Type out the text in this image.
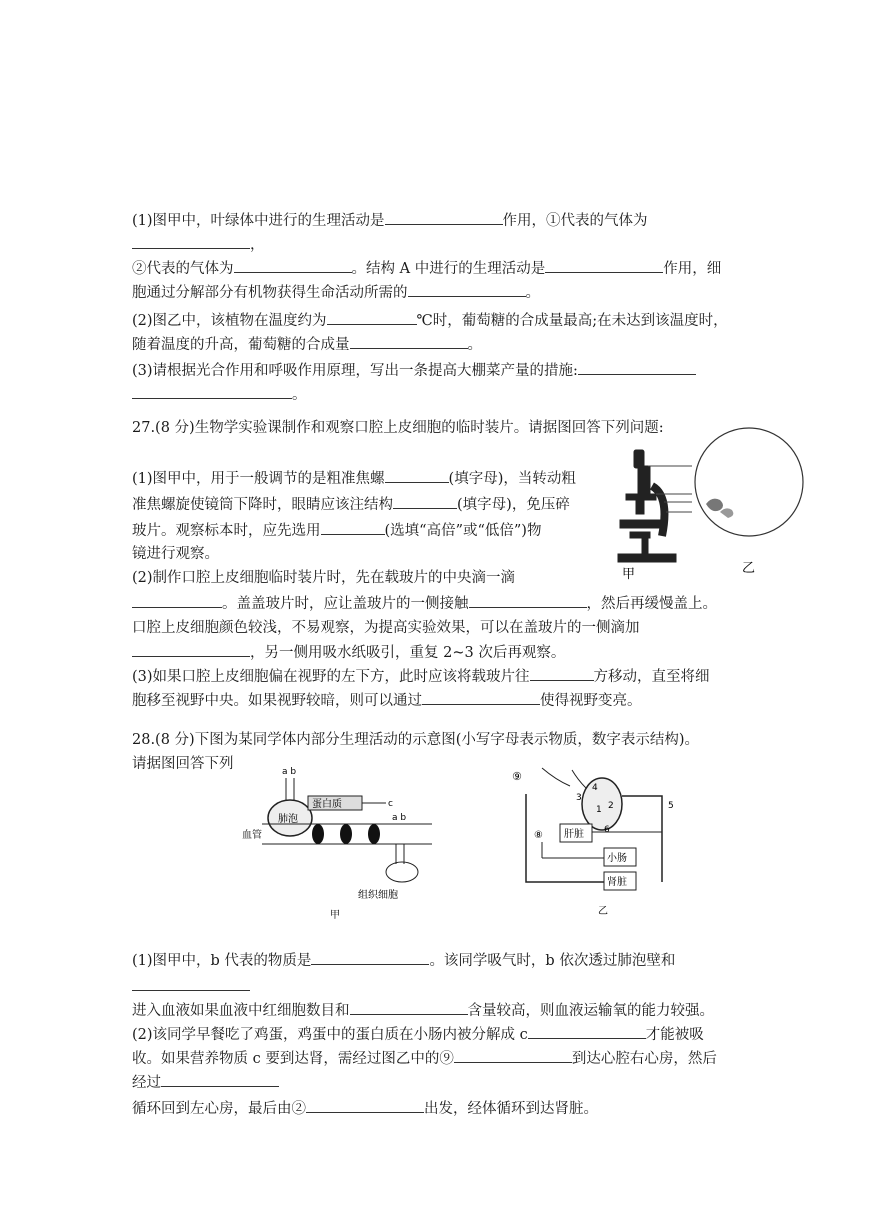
(1)图甲中，叶绿体中进行的生理活动是	作用，①代表的气体为
，
②代表的气体为	。结构 A 中进行的生理活动是	作用，细
胞通过分解部分有机物获得生命活动所需的	。
(2)图乙中，该植物在温度约为	℃时，葡萄糖的合成量最高;在未达到该温度时，
随着温度的升高，葡萄糖的合成量	。
(3)请根据光合作用和呼吸作用原理，写出一条提高大棚菜产量的措施:
。
27.(8 分)生物学实验课制作和观察口腔上皮细胞的临时装片。请据图回答下列问题:
(1)图甲中，用于一般调节的是粗准焦螺	(填字母)，当转动粗
准焦螺旋使镜筒下降时，眼睛应该注结构	(填字母)，免压碎
玻片。观察标本时，应先选用	(选填“高倍”或“低倍”)物
镜进行观察。
(2)制作口腔上皮细胞临时装片时，先在载玻片的中央滴一滴
。盖盖玻片时，应让盖玻片的一侧接触	，然后再缓慢盖上。
口腔上皮细胞颜色较浅，不易观察，为提高实验效果，可以在盖玻片的一侧滴加
，另一侧用吸水纸吸引，重复 2~3 次后再观察。
(3)如果口腔上皮细胞偏在视野的左下方，此时应该将载玻片往	方移动，直至将细
胞移至视野中央。如果视野较暗，则可以通过	使得视野变亮。
甲	乙
28.(8 分)下图为某同学体内部分生理活动的示意图(小写字母表示物质，数字表示结构)。
请据图回答下列	a b
肺泡
蛋白质	c
血管
a b
组织细胞
甲
3
4
1 2
⑨
5
肝脏
⑧	6
小肠
肾脏
乙
(1)图甲中，b 代表的物质是	。该同学吸气时，b 依次透过肺泡壁和
进入血液如果血液中红细胞数目和	含量较高，则血液运输氧的能力较强。
(2)该同学早餐吃了鸡蛋，鸡蛋中的蛋白质在小肠内被分解成 c	才能被吸
收。如果营养物质 c 要到达肾，需经过图乙中的⑨	到达心腔右心房，然后
经过
循环回到左心房，最后由②	出发，经体循环到达肾脏。
